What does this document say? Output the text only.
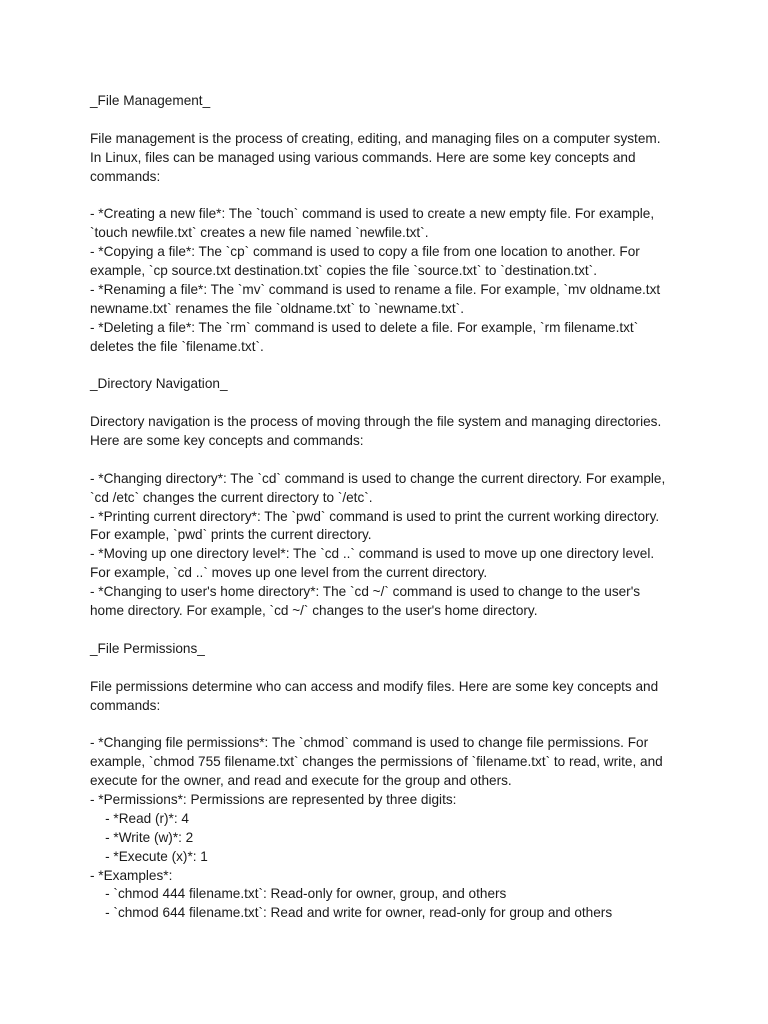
_File Management_
File management is the process of creating, editing, and managing files on a computer system.
In Linux, files can be managed using various commands. Here are some key concepts and
commands:
- *Creating a new file*: The `touch` command is used to create a new empty file. For example,
`touch newfile.txt` creates a new file named `newfile.txt`.
- *Copying a file*: The `cp` command is used to copy a file from one location to another. For
example, `cp source.txt destination.txt` copies the file `source.txt` to `destination.txt`.
- *Renaming a file*: The `mv` command is used to rename a file. For example, `mv oldname.txt
newname.txt` renames the file `oldname.txt` to `newname.txt`.
- *Deleting a file*: The `rm` command is used to delete a file. For example, `rm filename.txt`
deletes the file `filename.txt`.
_Directory Navigation_
Directory navigation is the process of moving through the file system and managing directories.
Here are some key concepts and commands:
- *Changing directory*: The `cd` command is used to change the current directory. For example,
`cd /etc` changes the current directory to `/etc`.
- *Printing current directory*: The `pwd` command is used to print the current working directory.
For example, `pwd` prints the current directory.
- *Moving up one directory level*: The `cd ..` command is used to move up one directory level.
For example, `cd ..` moves up one level from the current directory.
- *Changing to user's home directory*: The `cd ~/` command is used to change to the user's
home directory. For example, `cd ~/` changes to the user's home directory.
_File Permissions_
File permissions determine who can access and modify files. Here are some key concepts and
commands:
- *Changing file permissions*: The `chmod` command is used to change file permissions. For
example, `chmod 755 filename.txt` changes the permissions of `filename.txt` to read, write, and
execute for the owner, and read and execute for the group and others.
- *Permissions*: Permissions are represented by three digits:
- *Read (r)*: 4
- *Write (w)*: 2
- *Execute (x)*: 1
- *Examples*:
- `chmod 444 filename.txt`: Read-only for owner, group, and others
- `chmod 644 filename.txt`: Read and write for owner, read-only for group and others
